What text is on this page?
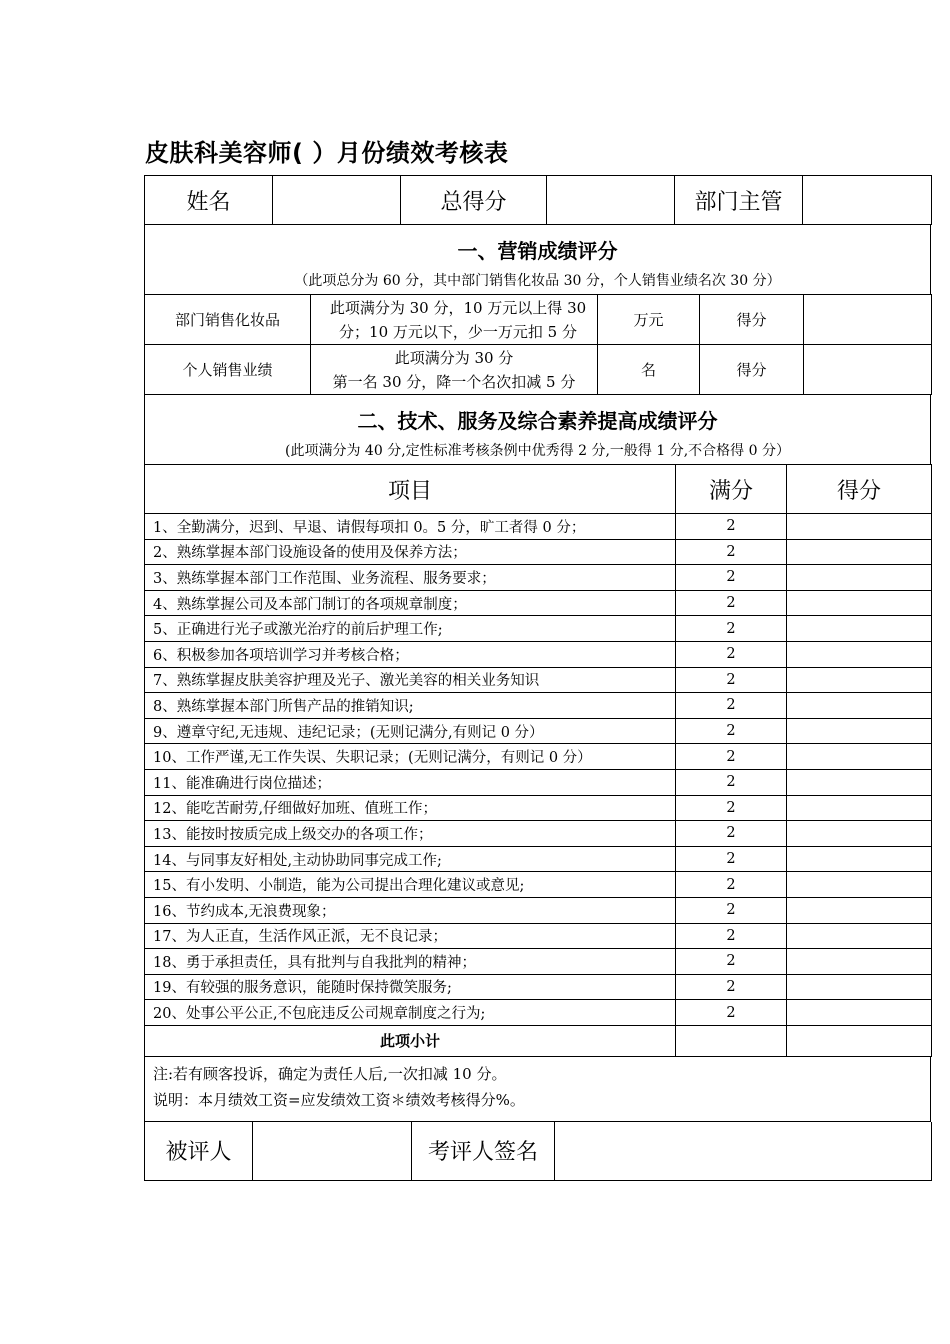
皮肤科美容师( ）月份绩效考核表
姓名		总得分		部门主管	
一、营销成绩评分
（此项总分为 60 分，其中部门销售化妆品 30 分，个人销售业绩名次 30 分）
部门销售化妆品	此项满分为 30 分，10 万元以上得 30
分；10 万元以下，少一万元扣 5 分	万元	得分	
个人销售业绩	此项满分为 30 分
第一名 30 分，降一个名次扣减 5 分	名	得分	
二、技术、服务及综合素养提高成绩评分
(此项满分为 40 分,定性标准考核条例中优秀得 2 分,一般得 1 分,不合格得 0 分）
项目	满分	得分
1、全勤满分，迟到、早退、请假每项扣 0。5 分，旷工者得 0 分；	2	
2、熟练掌握本部门设施设备的使用及保养方法；	2	
3、熟练掌握本部门工作范围、业务流程、服务要求；	2	
4、熟练掌握公司及本部门制订的各项规章制度；	2	
5、正确进行光子或激光治疗的前后护理工作;	2	
6、积极参加各项培训学习并考核合格；	2	
7、熟练掌握皮肤美容护理及光子、激光美容的相关业务知识	2	
8、熟练掌握本部门所售产品的推销知识;	2	
9、遵章守纪,无违规、违纪记录；(无则记满分,有则记 0 分）	2	
10、工作严谨,无工作失误、失职记录；(无则记满分，有则记 0 分）	2	
11、能准确进行岗位描述；	2	
12、能吃苦耐劳,仔细做好加班、值班工作；	2	
13、能按时按质完成上级交办的各项工作；	2	
14、与同事友好相处,主动协助同事完成工作;	2	
15、有小发明、小制造，能为公司提出合理化建议或意见;	2	
16、节约成本,无浪费现象；	2	
17、为人正直，生活作风正派，无不良记录；	2	
18、勇于承担责任，具有批判与自我批判的精神；	2	
19、有较强的服务意识，能随时保持微笑服务;	2	
20、处事公平公正,不包庇违反公司规章制度之行为;	2	
此项小计		
注:若有顾客投诉，确定为责任人后,一次扣减 10 分。
说明：本月绩效工资=应发绩效工资＊绩效考核得分%。
被评人		考评人签名	
